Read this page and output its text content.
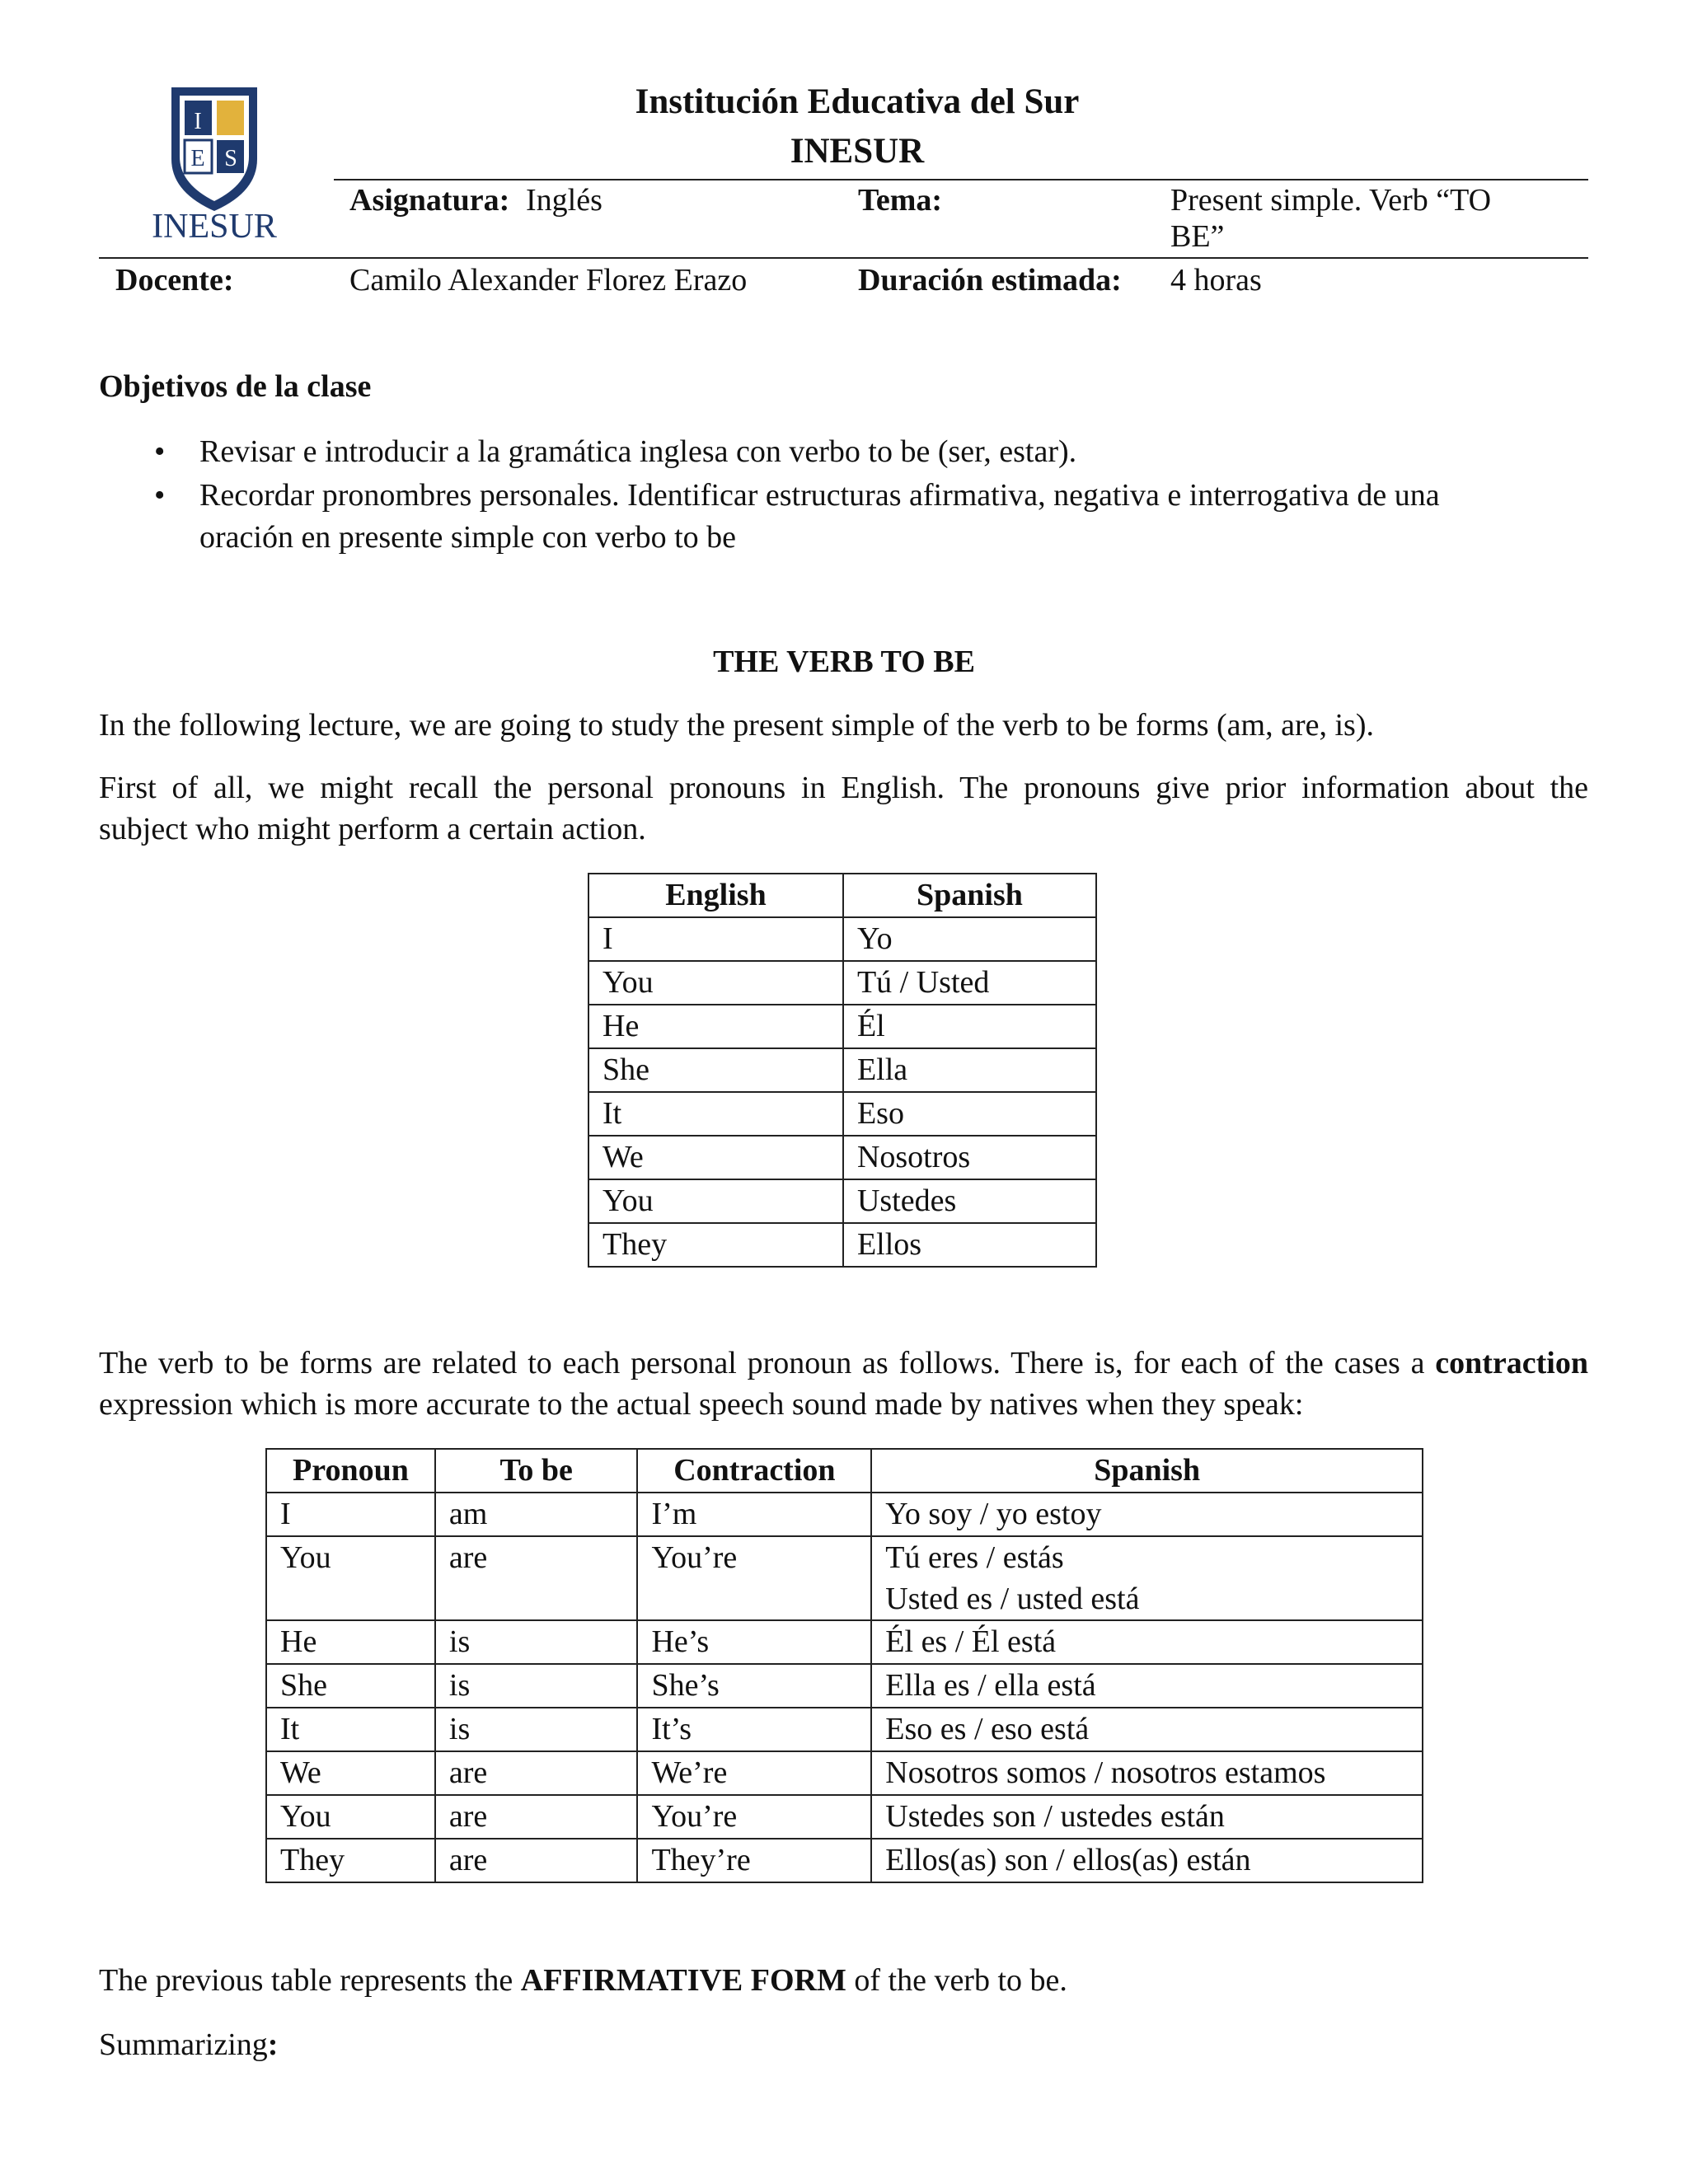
I
E S
INESUR
Institución Educativa del Sur
INESUR
Asignatura: Inglés	Tema:	Present simple. Verb “TO
BE”
Docente:	Camilo Alexander Florez Erazo	Duración estimada: 4 horas
Objetivos de la clase
• Revisar e introducir a la gramática inglesa con verbo to be (ser, estar).
• Recordar pronombres personales. Identificar estructuras afirmativa, negativa e interrogativa de una
oración en presente simple con verbo to be
THE VERB TO BE
In the following lecture, we are going to study the present simple of the verb to be forms (am, are, is).
First of all, we might recall the personal pronouns in English. The pronouns give prior information about the
subject who might perform a certain action.
English	Spanish
I	Yo
You	Tú / Usted
He	Él
She	Ella
It	Eso
We	Nosotros
You	Ustedes
They	Ellos
The verb to be forms are related to each personal pronoun as follows. There is, for each of the cases a contraction
expression which is more accurate to the actual speech sound made by natives when they speak:
Pronoun	To be	Contraction	Spanish
I	am	I’m	Yo soy / yo estoy
You	are	You’re	Tú eres / estás
Usted es / usted está

He	is	He’s	Él es / Él está
She	is	She’s	Ella es / ella está
It	is	It’s	Eso es / eso está
We	are	We’re	Nosotros somos / nosotros estamos
You	are	You’re	Ustedes son / ustedes están
They	are	They’re	Ellos(as) son / ellos(as) están
The previous table represents the AFFIRMATIVE FORM of the verb to be.
Summarizing:
